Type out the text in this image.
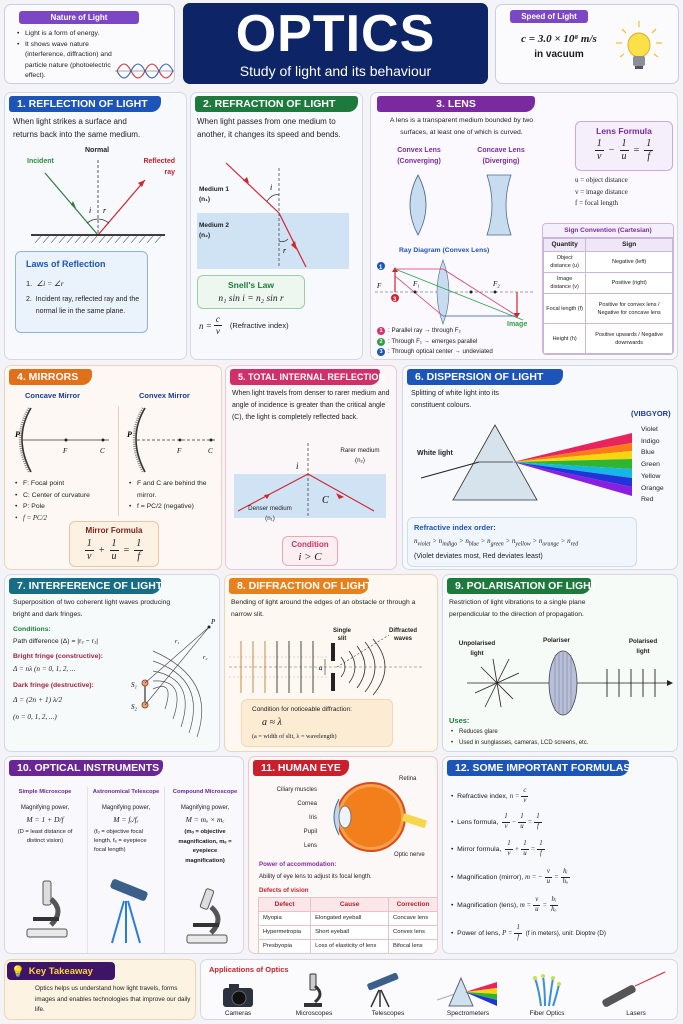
Nature of Light
• Light is a form of energy.
• It shows wave nature (interference, diffraction) and particle nature (photoelectric effect).
OPTICS
Study of light and its behaviour
Speed of Light
c = 3.0 × 10⁸ m/s
in vacuum
1. REFLECTION OF LIGHT
When light strikes a surface and returns back into the same medium.
Normal
Incident	Reflected ray
i r
Laws of Reflection
1.  ∠i = ∠r
2. Incident ray, reflected ray and the normal lie in the same plane.
2. REFRACTION OF LIGHT
When light passes from one medium to another, it changes its speed and bends.
Medium 1
(n₁)
Medium 2
(n₂)
i
r
Snell's Law
n₁ sin i = n₂ sin r
$n = \frac{c}{v}$ (Refractive index)
3. LENS
A lens is a transparent medium bounded by two surfaces, at least one of which is curved.
Convex Lens
(Converging)
Concave Lens
(Diverging)
Ray Diagram (Convex Lens)
F	F₁	F₂
1
3
Image
1 : Parallel ray → through F₂
2 : Through F₁ → emerges parallel
3 : Through optical center → undeviated
Lens Formula
$\frac{1}{v} - \frac{1}{u} = \frac{1}{f}$
u = object distance
v = image distance
f = focal length
Sign Convention (Cartesian)
Quantity	Sign
Object distance (u)	Negative (left)
Image distance (v)	Positive (right)
Focal length (f)	Positive for convex lens / Negative for concave lens
Height (h)	Positive upwards / Negative downwards
4. MIRRORS
Concave Mirror	Convex Mirror
P
F	C
P
F	C
• F: Focal point
• C: Center of curvature
• P: Pole
• f = PC/2
• F and C are behind the mirror.
• f = PC/2 (negative)
Mirror Formula
$\frac{1}{v} + \frac{1}{u} = \frac{1}{f}$
5. TOTAL INTERNAL REFLECTION
When light travels from denser to rarer medium and angle of incidence is greater than the critical angle (C), the light is completely reflected back.
i
C
Rarer medium
(n₂)
Denser medium
(n₁)
Condition
i > C
6. DISPERSION OF LIGHT
Splitting of white light into its constituent colours.
(VIBGYOR)
White light
Violet
Indigo
Blue
Green
Yellow
Orange
Red
Refractive index order:
$n_{violet} > n_{indigo} > n_{blue} > n_{green} > n_{yellow} > n_{orange} > n_{red}$
(Violet deviates most, Red deviates least)
7. INTERFERENCE OF LIGHT
Superposition of two coherent light waves producing bright and dark fringes.
Conditions:
Path difference (Δ) = |r₂ − r₁|
Bright fringe (constructive):
Δ = nλ (n = 0, 1, 2, ...
Dark fringe (destructive):
Δ = (2n + 1) λ/2
(n = 0, 1, 2, ...)
P
S₁
S₂
r₁
r₂
8. DIFFRACTION OF LIGHT
Bending of light around the edges of an obstacle or through a narrow slit.
Single slit
Diffracted waves
a
Condition for noticeable diffraction:
a ≈ λ
(a = width of slit, λ = wavelength)
9. POLARISATION OF LIGHT
Restriction of light vibrations to a single plane perpendicular to the direction of propagation.
Unpolarised light
Polariser	Polarised light
Uses:
• Reduces glare
• Used in sunglasses, cameras, LCD screens, etc.
10. OPTICAL INSTRUMENTS
Simple Microscope
Magnifying power,
M = 1 + D/f
(D = least distance of distinct vision)
Astronomical Telescope
Magnifying power,
M = fₒ/fₑ
(fₒ = objective focal length, fₑ = eyepiece focal length)
Compound Microscope
Magnifying power,
M = mₒ × mₑ
(mₒ = objective magnification, mₑ = eyepiece magnification)
11. HUMAN EYE
Ciliary muscles
Cornea
Iris
Pupil
Lens
Retina
Optic nerve
Power of accommodation:
Ability of eye lens to adjust its focal length.
Defects of vision
Defect	Cause	Correction
Myopia	Elongated eyeball	Concave lens
Hypermetropia	Short eyeball	Convex lens
Presbyopia	Loss of elasticity of lens	Bifocal lens
12. SOME IMPORTANT FORMULAS
• Refractive index,
$n = \frac{c}{v}$
• Lens formula,
$\frac{1}{v} - \frac{1}{u} = \frac{1}{f}$
• Mirror formula,
$\frac{1}{v} + \frac{1}{u} = \frac{1}{f}$
• Magnification (mirror),
m = − $\frac{v}{u} = \frac{\text{hᵢ}}{\text{hₒ}}$
• Magnification (lens),
$m = \frac{v}{u} = \frac{\text{hᵢ}}{\text{hₒ}}$
• Power of lens,
$P = \frac{1}{f}$
(f in meters), unit: Dioptre (D)
💡 Key Takeaway
Optics helps us understand how light travels, forms images and enables technologies that improve our daily life.
Applications of Optics
Cameras	Microscopes	Telescopes	Spectrometers	Fiber Optics	Lasers
